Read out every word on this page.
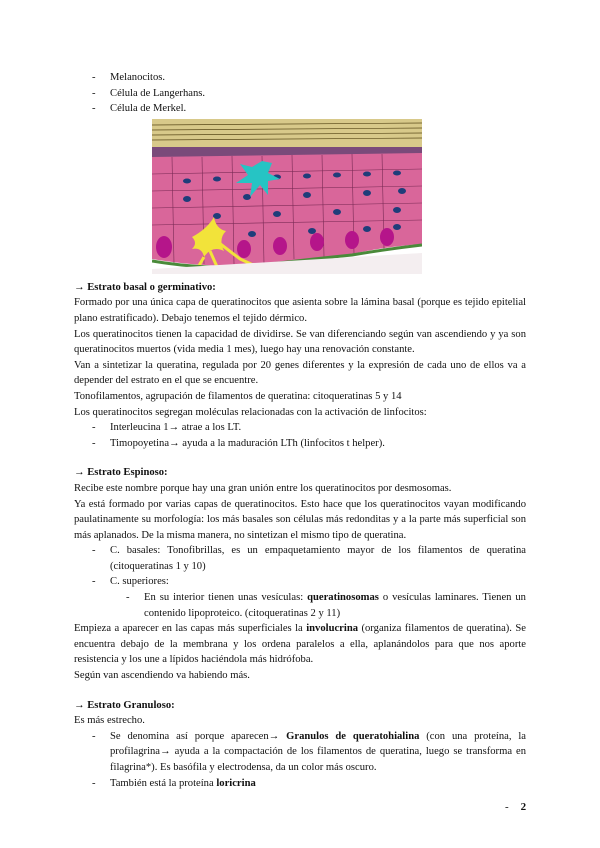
- Melanocitos.
- Célula de Langerhans.
- Célula de Merkel.
→ Estrato basal o germinativo:

Formado por una única capa de queratinocitos que asienta sobre la lámina basal (porque es tejido epitelial plano estratificado). Debajo tenemos el tejido dérmico.

Los queratinocitos tienen la capacidad de dividirse. Se van diferenciando según van ascendiendo y ya son queratinocitos muertos (vida media 1 mes), luego hay una renovación constante.

Van a sintetizar la queratina, regulada por 20 genes diferentes y la expresión de cada uno de ellos va a depender del estrato en el que se encuentre.

Tonofilamentos, agrupación de filamentos de queratina: citoqueratinas 5 y 14

Los queratinocitos segregan moléculas relacionadas con la activación de linfocitos:

- Interleucina 1→ atrae a los LT.
- Timopoyetina→ ayuda a la maduración LTh (linfocitos t helper).
→ Estrato Espinoso:

Recibe este nombre porque hay una gran unión entre los queratinocitos por desmosomas.

Ya está formado por varias capas de queratinocitos. Esto hace que los queratinocitos vayan modificando paulatinamente su morfología: los más basales son células más redonditas y a la parte más superficial son más aplanados. De la misma manera, no sintetizan el mismo tipo de queratina.

- C. basales: Tonofibrillas, es un empaquetamiento mayor de los filamentos de queratina (citoqueratinas 1 y 10)
- C. superiores:
- En su interior tienen unas vesículas: queratinosomas o vesículas laminares. Tienen un contenido lipoproteico. (citoqueratinas 2 y 11)

Empieza a aparecer en las capas más superficiales la involucrina (organiza filamentos de queratina). Se encuentra debajo de la membrana y los ordena paralelos a ella, aplanándolos para que nos aporte resistencia y los une a lípidos haciéndola más hidrófoba.

Según van ascendiendo va habiendo más.

→ Estrato Granuloso:

Es más estrecho.

- Se denomina así porque aparecen→ Granulos de queratohialina (con una proteína, la profilagrina→ ayuda a la compactación de los filamentos de queratina, luego se transforma en filagrina*). Es basófila y electrodensa, da un color más oscuro.
- También está la proteína loricrina
- 2
